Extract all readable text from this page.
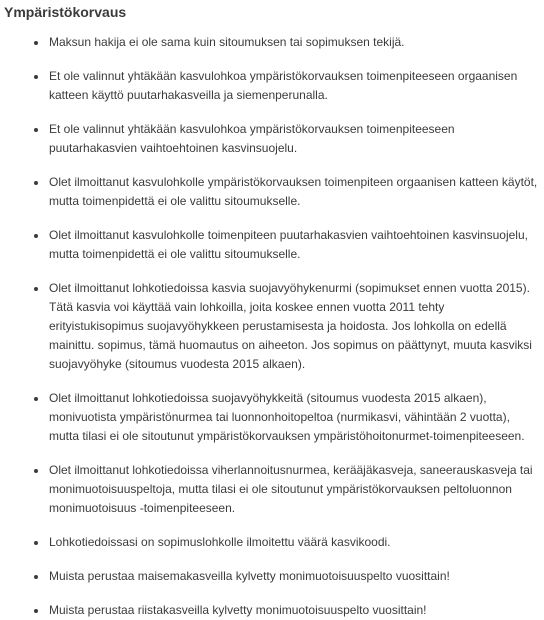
Ympäristökorvaus
Maksun hakija ei ole sama kuin sitoumuksen tai sopimuksen tekijä.
Et ole valinnut yhtäkään kasvulohkoa ympäristökorvauksen toimenpiteeseen orgaanisen katteen käyttö puutarhakasveilla ja siemenperunalla.
Et ole valinnut yhtäkään kasvulohkoa ympäristökorvauksen toimenpiteeseen puutarhakasvien vaihtoehtoinen kasvinsuojelu.
Olet ilmoittanut kasvulohkolle ympäristökorvauksen toimenpiteen orgaanisen katteen käytöt, mutta toimenpidettä ei ole valittu sitoumukselle.
Olet ilmoittanut kasvulohkolle toimenpiteen puutarhakasvien vaihtoehtoinen kasvinsuojelu, mutta toimenpidettä ei ole valittu sitoumukselle.
Olet ilmoittanut lohkotiedoissa kasvia suojavyöhykenurmi (sopimukset ennen vuotta 2015). Tätä kasvia voi käyttää vain lohkoilla, joita koskee ennen vuotta 2011 tehty erityistukisopimus suojavyöhykkeen perustamisesta ja hoidosta. Jos lohkolla on edellä mainittu. sopimus, tämä huomautus on aiheeton. Jos sopimus on päättynyt, muuta kasviksi suojavyöhyke (sitoumus vuodesta 2015 alkaen).
Olet ilmoittanut lohkotiedoissa suojavyöhykkeitä (sitoumus vuodesta 2015 alkaen), monivuotista ympäristönurmea tai luonnonhoitopeltoa (nurmikasvi, vähintään 2 vuotta), mutta tilasi ei ole sitoutunut ympäristökorvauksen ympäristöhoitonurmet-toimenpiteeseen.
Olet ilmoittanut lohkotiedoissa viherlannoitusnurmea, kerääjäkasveja, saneerauskasveja tai monimuotoisuuspeltoja, mutta tilasi ei ole sitoutunut ympäristökorvauksen peltoluonnon monimuotoisuus -toimenpiteeseen.
Lohkotiedoissasi on sopimuslohkolle ilmoitettu väärä kasvikoodi.
Muista perustaa maisemakasveilla kylvetty monimuotoisuuspelto vuosittain!
Muista perustaa riistakasveilla kylvetty monimuotoisuuspelto vuosittain!
